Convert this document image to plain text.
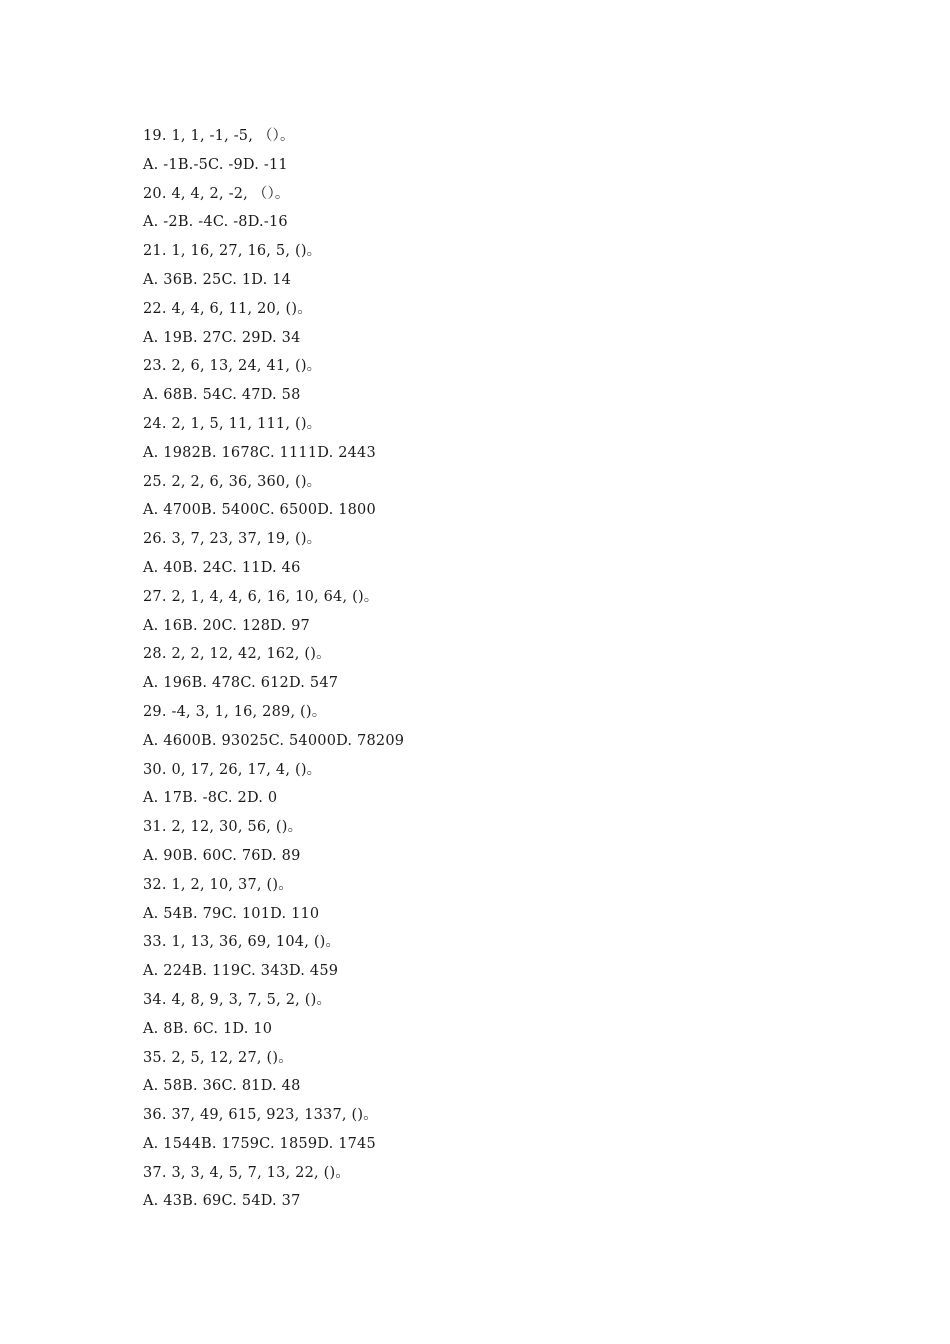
19. 1, 1, -1, -5, （）。
A. -1B.-5C. -9D. -11
20. 4, 4, 2, -2, （）。
A. -2B. -4C. -8D.-16
21. 1, 16, 27, 16, 5, ()。
A. 36B. 25C. 1D. 14
22. 4, 4, 6, 11, 20, ()。
A. 19B. 27C. 29D. 34
23. 2, 6, 13, 24, 41, ()。
A. 68B. 54C. 47D. 58
24. 2, 1, 5, 11, 111, ()。
A. 1982B. 1678C. 1111D. 2443
25. 2, 2, 6, 36, 360, ()。
A. 4700B. 5400C. 6500D. 1800
26. 3, 7, 23, 37, 19, ()。
A. 40B. 24C. 11D. 46
27. 2, 1, 4, 4, 6, 16, 10, 64, ()。
A. 16B. 20C. 128D. 97
28. 2, 2, 12, 42, 162, ()。
A. 196B. 478C. 612D. 547
29. -4, 3, 1, 16, 289, ()。
A. 4600B. 93025C. 54000D. 78209
30. 0, 17, 26, 17, 4, ()。
A. 17B. -8C. 2D. 0
31. 2, 12, 30, 56, ()。
A. 90B. 60C. 76D. 89
32. 1, 2, 10, 37, ()。
A. 54B. 79C. 101D. 110
33. 1, 13, 36, 69, 104, ()。
A. 224B. 119C. 343D. 459
34. 4, 8, 9, 3, 7, 5, 2, ()。
A. 8B. 6C. 1D. 10
35. 2, 5, 12, 27, ()。
A. 58B. 36C. 81D. 48
36. 37, 49, 615, 923, 1337, ()。
A. 1544B. 1759C. 1859D. 1745
37. 3, 3, 4, 5, 7, 13, 22, ()。
A. 43B. 69C. 54D. 37
